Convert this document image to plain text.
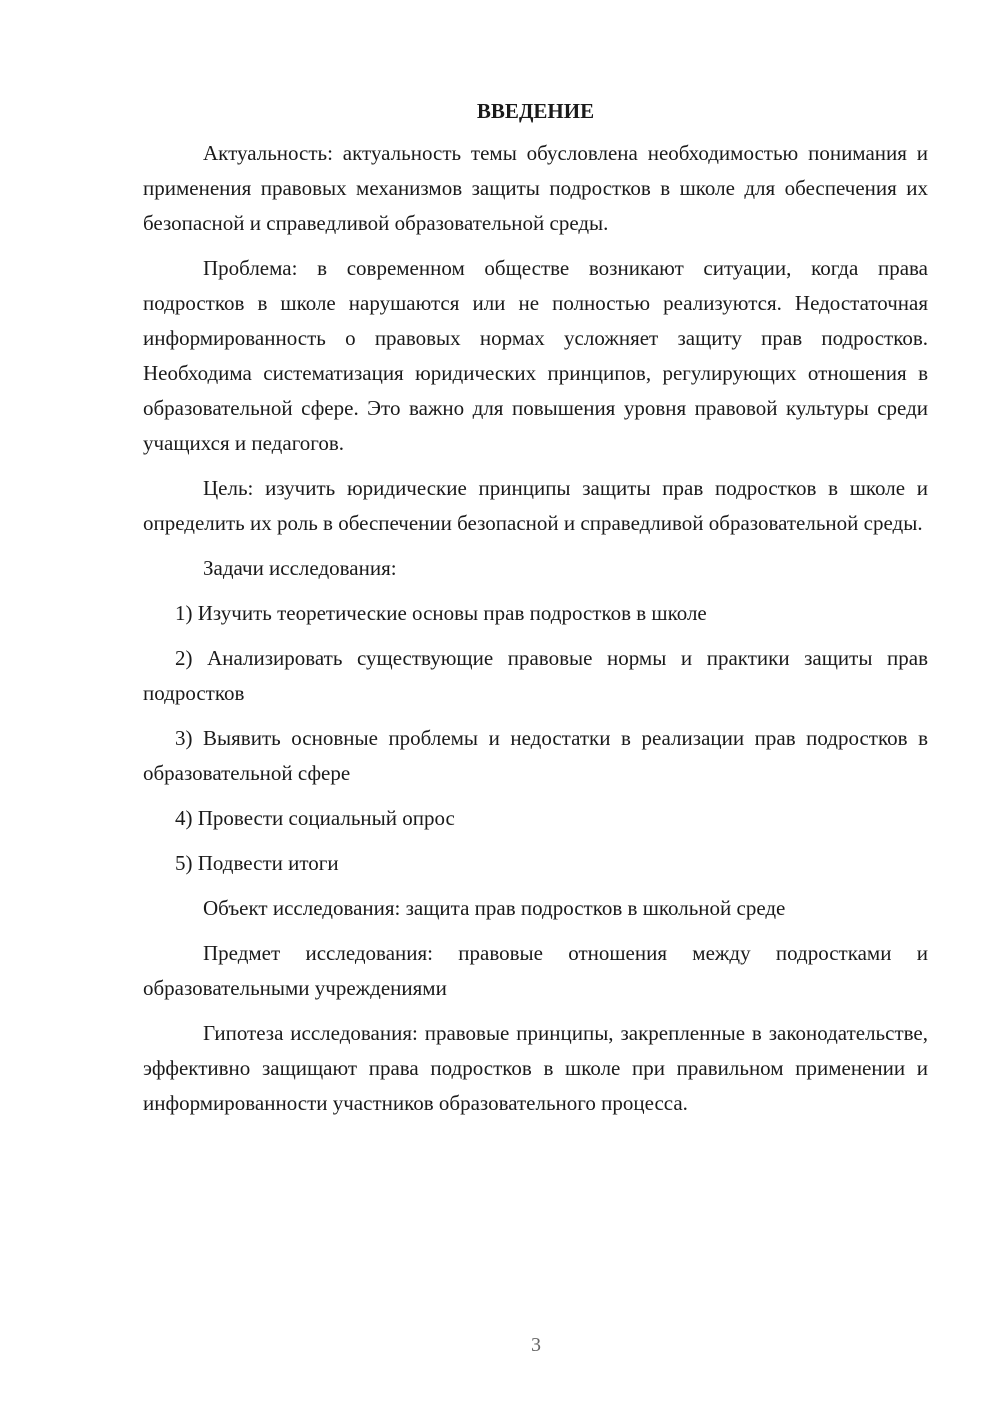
ВВЕДЕНИЕ

Актуальность: актуальность темы обусловлена необходимостью понимания и применения правовых механизмов защиты подростков в школе для обеспечения их безопасной и справедливой образовательной среды.

Проблема: в современном обществе возникают ситуации, когда права подростков в школе нарушаются или не полностью реализуются. Недостаточная информированность о правовых нормах усложняет защиту прав подростков. Необходима систематизация юридических принципов, регулирующих отношения в образовательной сфере. Это важно для повышения уровня правовой культуры среди учащихся и педагогов.

Цель: изучить юридические принципы защиты прав подростков в школе и определить их роль в обеспечении безопасной и справедливой образовательной среды.

Задачи исследования:

1) Изучить теоретические основы прав подростков в школе

2) Анализировать существующие правовые нормы и практики защиты прав подростков

3) Выявить основные проблемы и недостатки в реализации прав подростков в образовательной сфере

4) Провести социальный опрос

5) Подвести итоги

Объект исследования: защита прав подростков в школьной среде

Предмет исследования: правовые отношения между подростками и образовательными учреждениями

Гипотеза исследования: правовые принципы, закрепленные в законодательстве, эффективно защищают права подростков в школе при правильном применении и информированности участников образовательного процесса.

3
